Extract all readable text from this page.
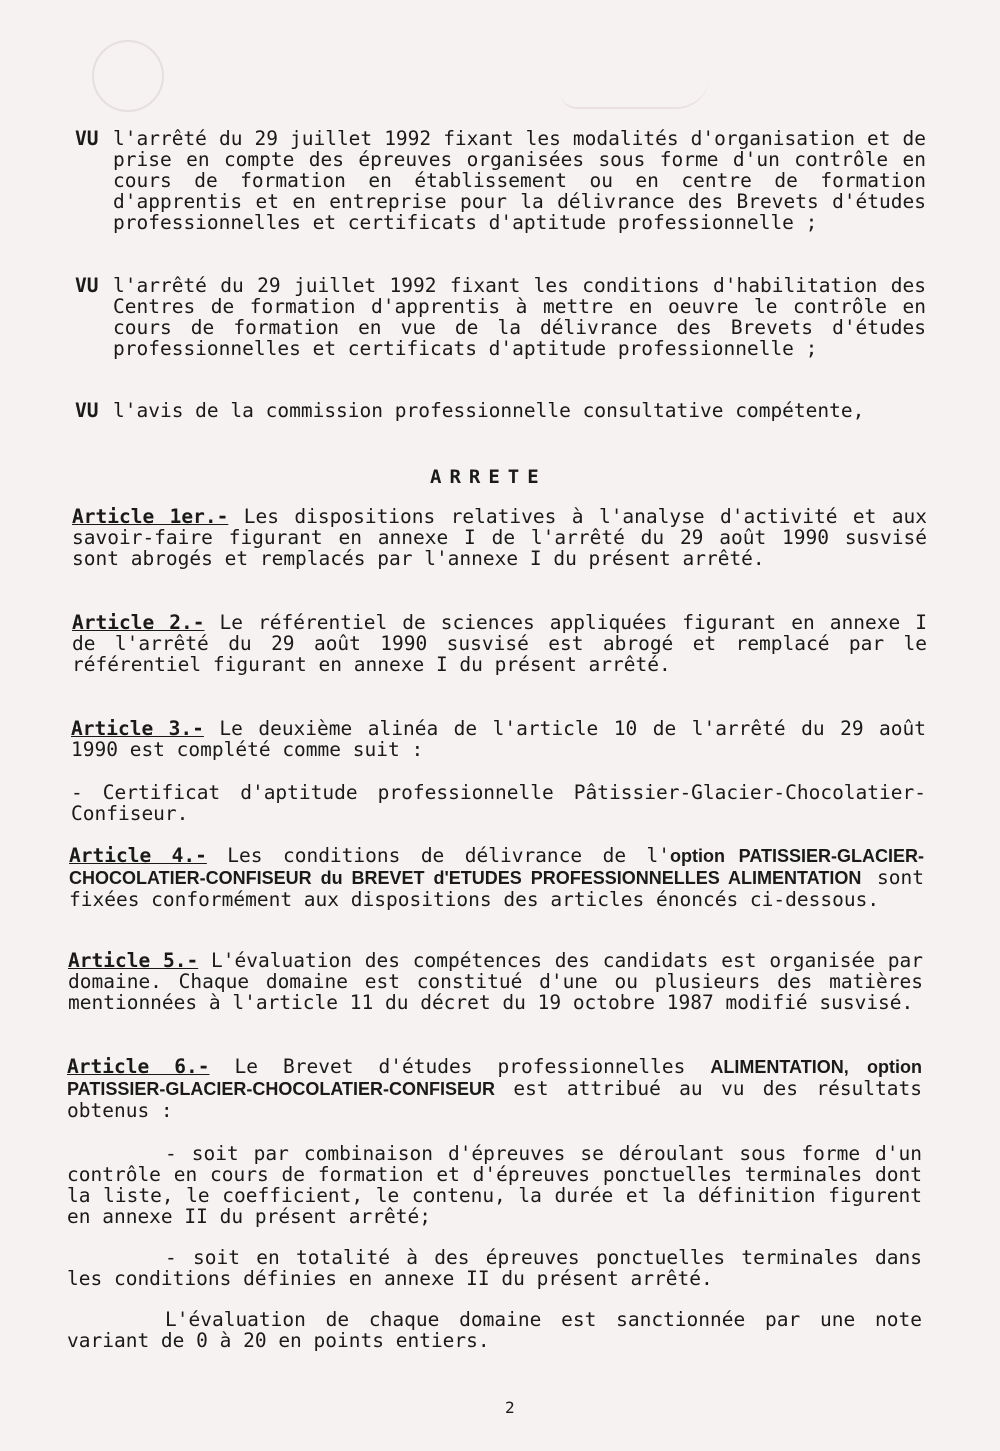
VU l'arrêté du 29 juillet 1992 fixant les modalités d'organisation et de prise en compte des épreuves organisées sous forme d'un contrôle en cours de formation en établissement ou en centre de formation d'apprentis et en entreprise pour la délivrance des Brevets d'études professionnelles et certificats d'aptitude professionnelle ;
VU l'arrêté du 29 juillet 1992 fixant les conditions d'habilitation des Centres de formation d'apprentis à mettre en oeuvre le contrôle en cours de formation en vue de la délivrance des Brevets d'études professionnelles et certificats d'aptitude professionnelle ;
VU l'avis de la commission professionnelle consultative compétente,
ARRETE
Article 1er.- Les dispositions relatives à l'analyse d'activité et aux savoir-faire figurant en annexe I de l'arrêté du 29 août 1990 susvisé sont abrogés et remplacés par l'annexe I du présent arrêté.
Article 2.- Le référentiel de sciences appliquées figurant en annexe I de l'arrêté du 29 août 1990 susvisé est abrogé et remplacé par le référentiel figurant en annexe I du présent arrêté.
Article 3.- Le deuxième alinéa de l'article 10 de l'arrêté du 29 août 1990 est complété comme suit :
- Certificat d'aptitude professionnelle Pâtissier-Glacier-Chocolatier-Confiseur.
Article 4.- Les conditions de délivrance de l'option PATISSIER-GLACIER-CHOCOLATIER-CONFISEUR du BREVET d'ETUDES PROFESSIONNELLES ALIMENTATION sont fixées conformément aux dispositions des articles énoncés ci-dessous.
Article 5.- L'évaluation des compétences des candidats est organisée par domaine. Chaque domaine est constitué d'une ou plusieurs des matières mentionnées à l'article 11 du décret du 19 octobre 1987 modifié susvisé.
Article 6.- Le Brevet d'études professionnelles ALIMENTATION, option PATISSIER-GLACIER-CHOCOLATIER-CONFISEUR est attribué au vu des résultats obtenus :
- soit par combinaison d'épreuves se déroulant sous forme d'un contrôle en cours de formation et d'épreuves ponctuelles terminales dont la liste, le coefficient, le contenu, la durée et la définition figurent en annexe II du présent arrêté;
- soit en totalité à des épreuves ponctuelles terminales dans les conditions définies en annexe II du présent arrêté.
L'évaluation de chaque domaine est sanctionnée par une note variant de 0 à 20 en points entiers.
2
